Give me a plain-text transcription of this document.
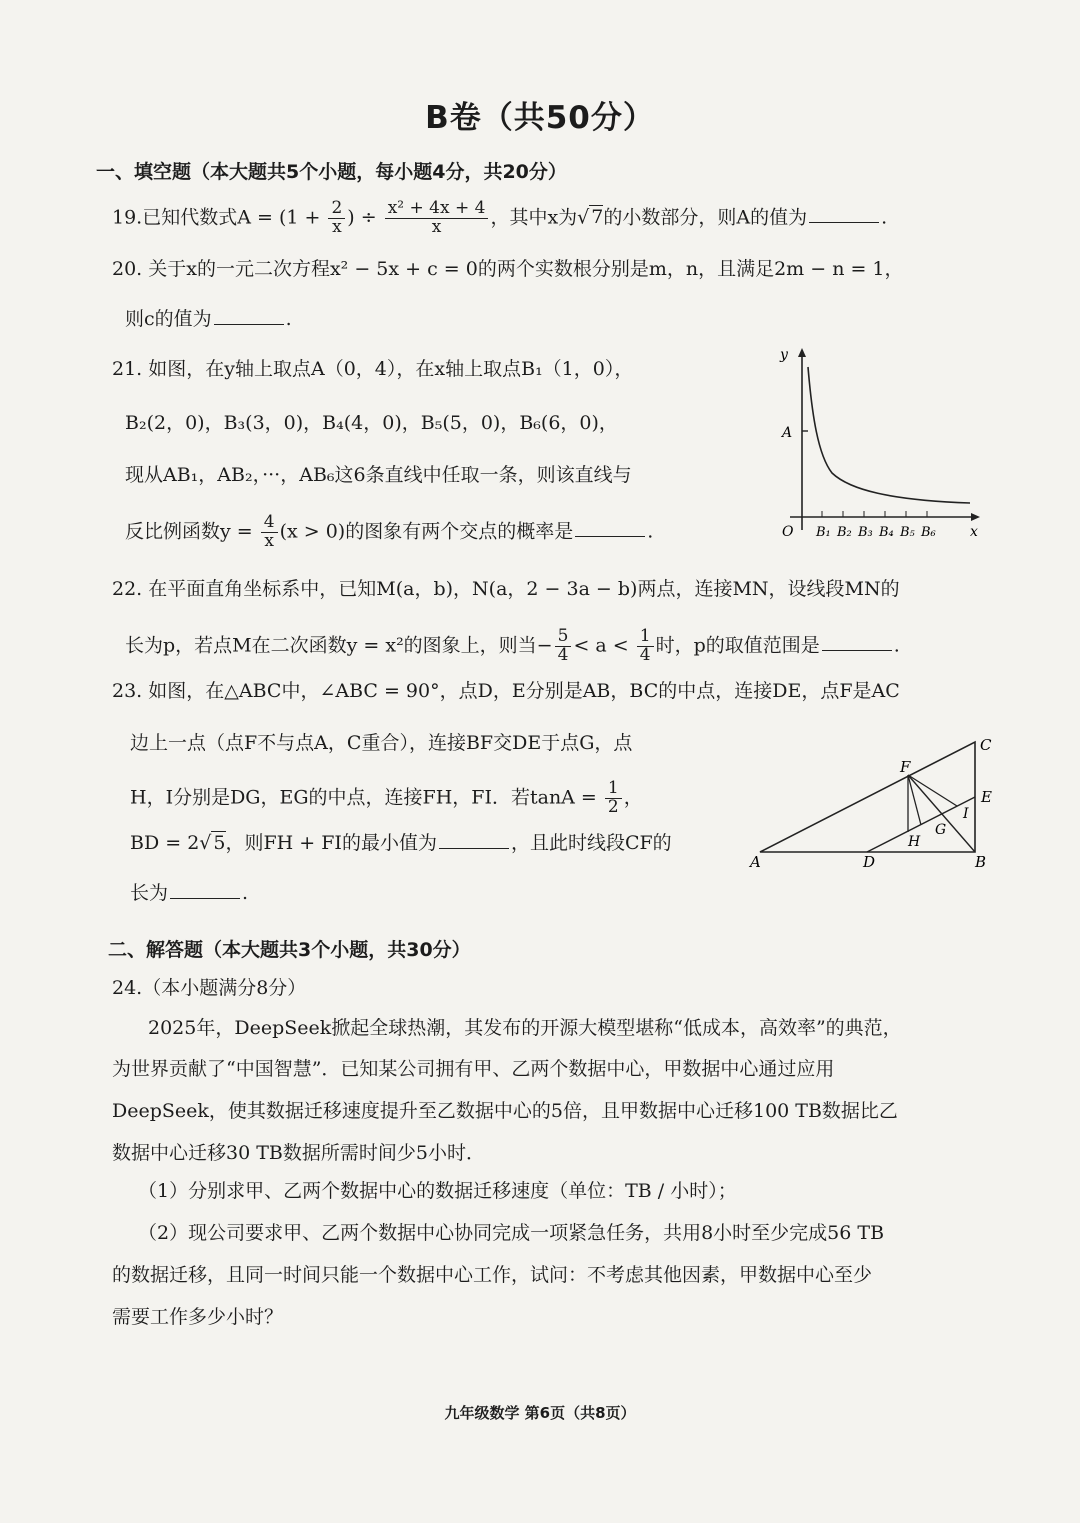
B卷（共50分）
一、填空题（本大题共5个小题，每小题4分，共20分）
19.已知代数式$A = (1 + \frac{2}{x}$ ) ÷ $\frac{\text{x² + 4x + 4}}{x}$ ，其中x为√ 7的小数部分，则A的值为	.
20. 关于x的一元二次方程x² − 5x + c = 0的两个实数根分别是m，n，且满足2m − n = 1，
则c的值为	.
21. 如图，在y轴上取点A（0，4），在x轴上取点B₁（1，0），
B₂(2，0)，B₃(3，0)，B₄(4，0)，B₅(5，0)，B₆(6，0)，
现从AB₁，AB₂，···，AB₆这6条直线中任取一条，则该直线与
反比例函数$y = \frac{4}{x} (x > 0)$的图象有两个交点的概率是	.
y
A
O	x
B₁ B₂ B₃ B₄ B₅ B₆
22. 在平面直角坐标系中，已知M(a，b)，N(a，2 − 3a − b)两点，连接MN，设线段MN的
长为p，若点M在二次函数y = x²的图象上，则当− $\frac{5}{4} < a < \frac{1}{4}$ 时，p的取值范围是	.
23. 如图，在△ABC中，∠ABC = 90°，点D，E分别是AB，BC的中点，连接DE，点F是AC
边上一点（点F不与点A，C重合），连接BF交DE于点G，点
H，I分别是DG，EG的中点，连接FH，FI．若$\tan A = \frac{1}{2}$ ，
BD = 2√ 5，则FH + FI的最小值为	，且此时线段CF的
长为	.
A	D	B
C
E
F
G
H
I
二、解答题（本大题共3个小题，共30分）
24.（本小题满分8分）
2025年，DeepSeek掀起全球热潮，其发布的开源大模型堪称“低成本，高效率”的典范，
为世界贡献了“中国智慧”．已知某公司拥有甲、乙两个数据中心，甲数据中心通过应用
DeepSeek，使其数据迁移速度提升至乙数据中心的5倍，且甲数据中心迁移100 TB数据比乙
数据中心迁移30 TB数据所需时间少5小时．
（1）分别求甲、乙两个数据中心的数据迁移速度（单位：TB / 小时）；
（2）现公司要求甲、乙两个数据中心协同完成一项紧急任务，共用8小时至少完成56 TB
的数据迁移，且同一时间只能一个数据中心工作，试问：不考虑其他因素，甲数据中心至少
需要工作多少小时？
九年级数学 第6页（共8页）
